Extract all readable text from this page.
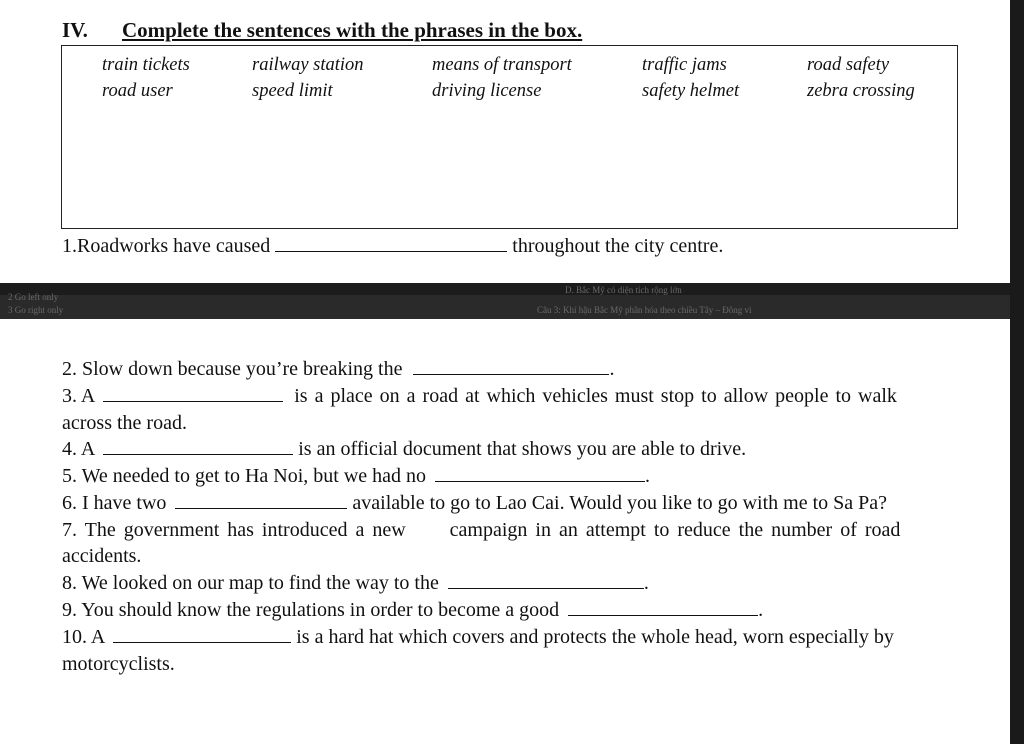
IV. Complete the sentences with the phrases in the box.
train tickets	railway station	means of transport	traffic jams	road safety
road user	speed limit	driving license	safety helmet	zebra crossing
1.Roadworks have caused	throughout the city centre.
2 Go left only
3 Go right only
D. Bắc Mỹ có diện tích rộng lớn
Câu 3: Khí hậu Bắc Mỹ phân hóa theo chiều Tây – Đông vì
2. Slow down because you’re breaking the	.
3. A	is a place on a road at which vehicles must stop to allow people to walk
across the road.
4. A	is an official document that shows you are able to drive.
5. We needed to get to Ha Noi, but we had no	.
6. I have two	available to go to Lao Cai. Would you like to go with me to Sa Pa?
7. The government has introduced a new campaign in an attempt to reduce the number of road
accidents.
8. We looked on our map to find the way to the	.
9. You should know the regulations in order to become a good	.
10. A	is a hard hat which covers and protects the whole head, worn especially by
motorcyclists.
